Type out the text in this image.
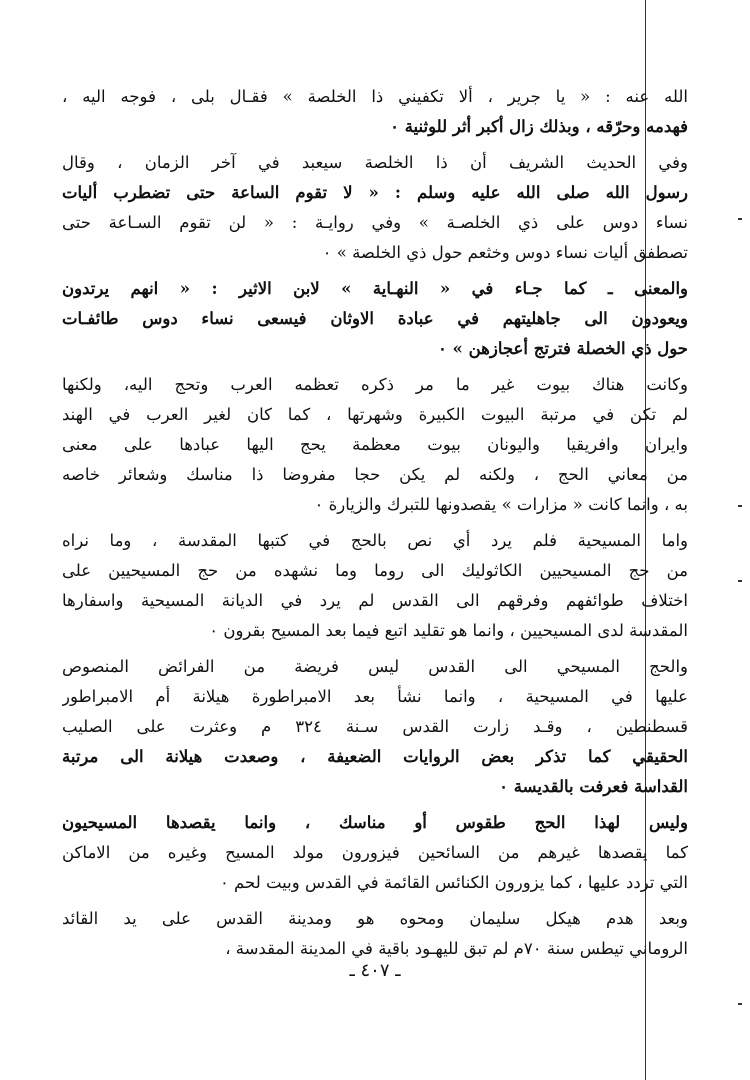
الله عنه : « يا جرير ، ألا تكفيني ذا الخلصة » فقـال بلى ، فوجه اليه ،
فهدمه وحرّقه ، وبذلك زال أكبر أثر للوثنية ٠
وفي الحديث الشريف أن ذا الخلصة سيعبد في آخر الزمان ، وقال
رسول الله صلى الله عليه وسلم : « لا تقوم الساعة حتى تضطرب أليات
نساء دوس على ذي الخلصـة » وفي روايـة : « لن تقوم السـاعة حتى
تصطفق أليات نساء دوس وخثعم حول ذي الخلصة » ٠
والمعنى ـ كما جـاء في « النهـاية » لابن الاثير : « انهم يرتدون
ويعودون الى جاهليتهم في عبادة الاوثان فيسعى نساء دوس طائفـات
حول ذي الخصلة فترتج أعجازهن » ٠
وكانت هناك بيوت غير ما مر ذكره تعظمه العرب وتحج اليه، ولكنها
لم تكن في مرتبة البيوت الكبيرة وشهرتها ، كما كان لغير العرب في الهند
وايران وافريقيا واليونان بيوت معظمة يحج اليها عبادها على معنى
من معاني الحج ، ولكنه لم يكن حجا مفروضا ذا مناسك وشعائر خاصه
به ، وانما كانت « مزارات » يقصدونها للتبرك والزيارة ٠
واما المسيحية فلم يرد أي نص بالحج في كتبها المقدسة ، وما نراه
من حج المسيحيين الكاثوليك الى روما وما نشهده من حج المسيحيين على
اختلاف طوائفهم وفرقهم الى القدس لم يرد في الديانة المسيحية واسفارها
المقدسة لدى المسيحيين ، وانما هو تقليد اتبع فيما بعد المسيح بقرون ٠
والحج المسيحي الى القدس ليس فريضة من الفرائض المنصوص
عليها في المسيحية ، وانما نشأ بعد الامبراطورة هيلانة أم الامبراطور
قسطنطين ، وقـد زارت القدس سـنة ٣٢٤ م وعثرت على الصليب
الحقيقي كما تذكر بعض الروايات الضعيفة ، وصعدت هيلانة الى مرتبة
القداسة فعرفت بالقديسة ٠
وليس لهذا الحج طقوس أو مناسك ، وانما يقصدها المسيحيون
كما يقصدها غيرهم من السائحين فيزورون مولد المسيح وغيره من الاماكن
التي تردد عليها ، كما يزورون الكنائس القائمة في القدس وبيت لحم ٠
وبعد هدم هيكل سليمان ومحوه هو ومدينة القدس على يد القائد
الروماني تيطس سنة ٧٠م لم تبق لليهـود باقية في المدينة المقدسة ،
ـ ٤٠٧ ـ
